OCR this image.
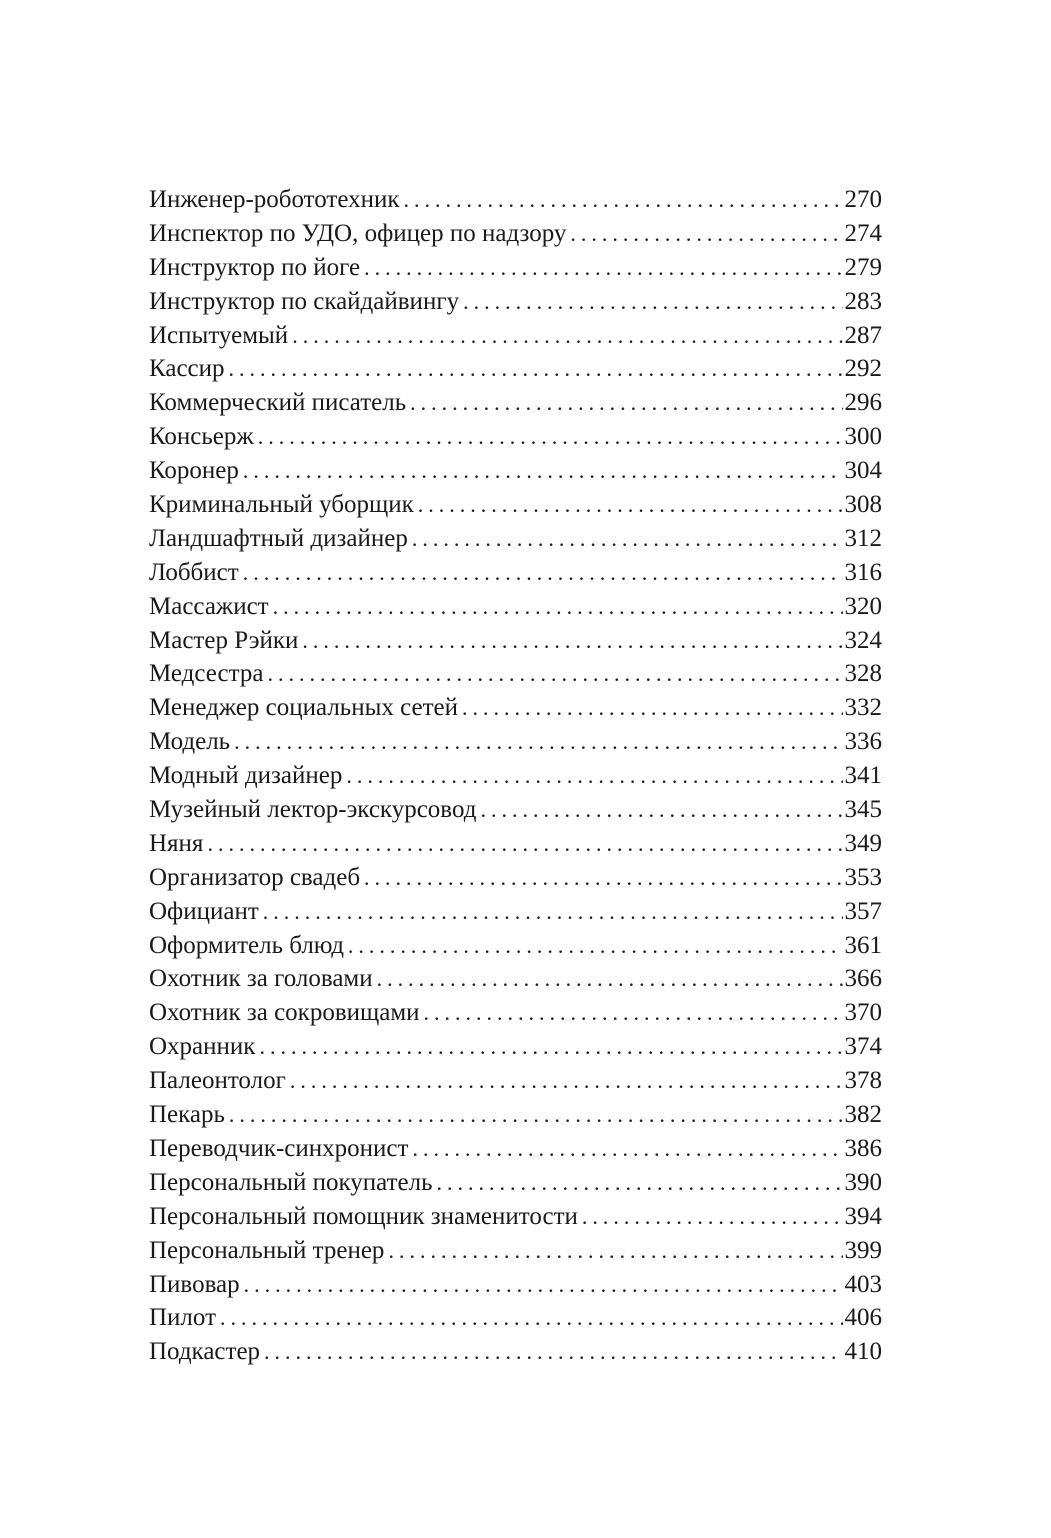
Инженер-робототехник .....	270
Инспектор по УДО, офицер по надзору .....	274
Инструктор по йоге .....	279
Инструктор по скайдайвингу .....	283
Испытуемый .....	287
Кассир .....	292
Коммерческий писатель .....	296
Консьерж .....	300
Коронер .....	304
Криминальный уборщик .....	308
Ландшафтный дизайнер .....	312
Лоббист .....	316
Массажист .....	320
Мастер Рэйки .....	324
Медсестра .....	328
Менеджер социальных сетей .....	332
Модель .....	336
Модный дизайнер .....	341
Музейный лектор-экскурсовод .....	345
Няня .....	349
Организатор свадеб .....	353
Официант .....	357
Оформитель блюд .....	361
Охотник за головами .....	366
Охотник за сокровищами .....	370
Охранник .....	374
Палеонтолог .....	378
Пекарь .....	382
Переводчик-синхронист .....	386
Персональный покупатель .....	390
Персональный помощник знаменитости .....	394
Персональный тренер .....	399
Пивовар .....	403
Пилот .....	406
Подкастер .....	410
